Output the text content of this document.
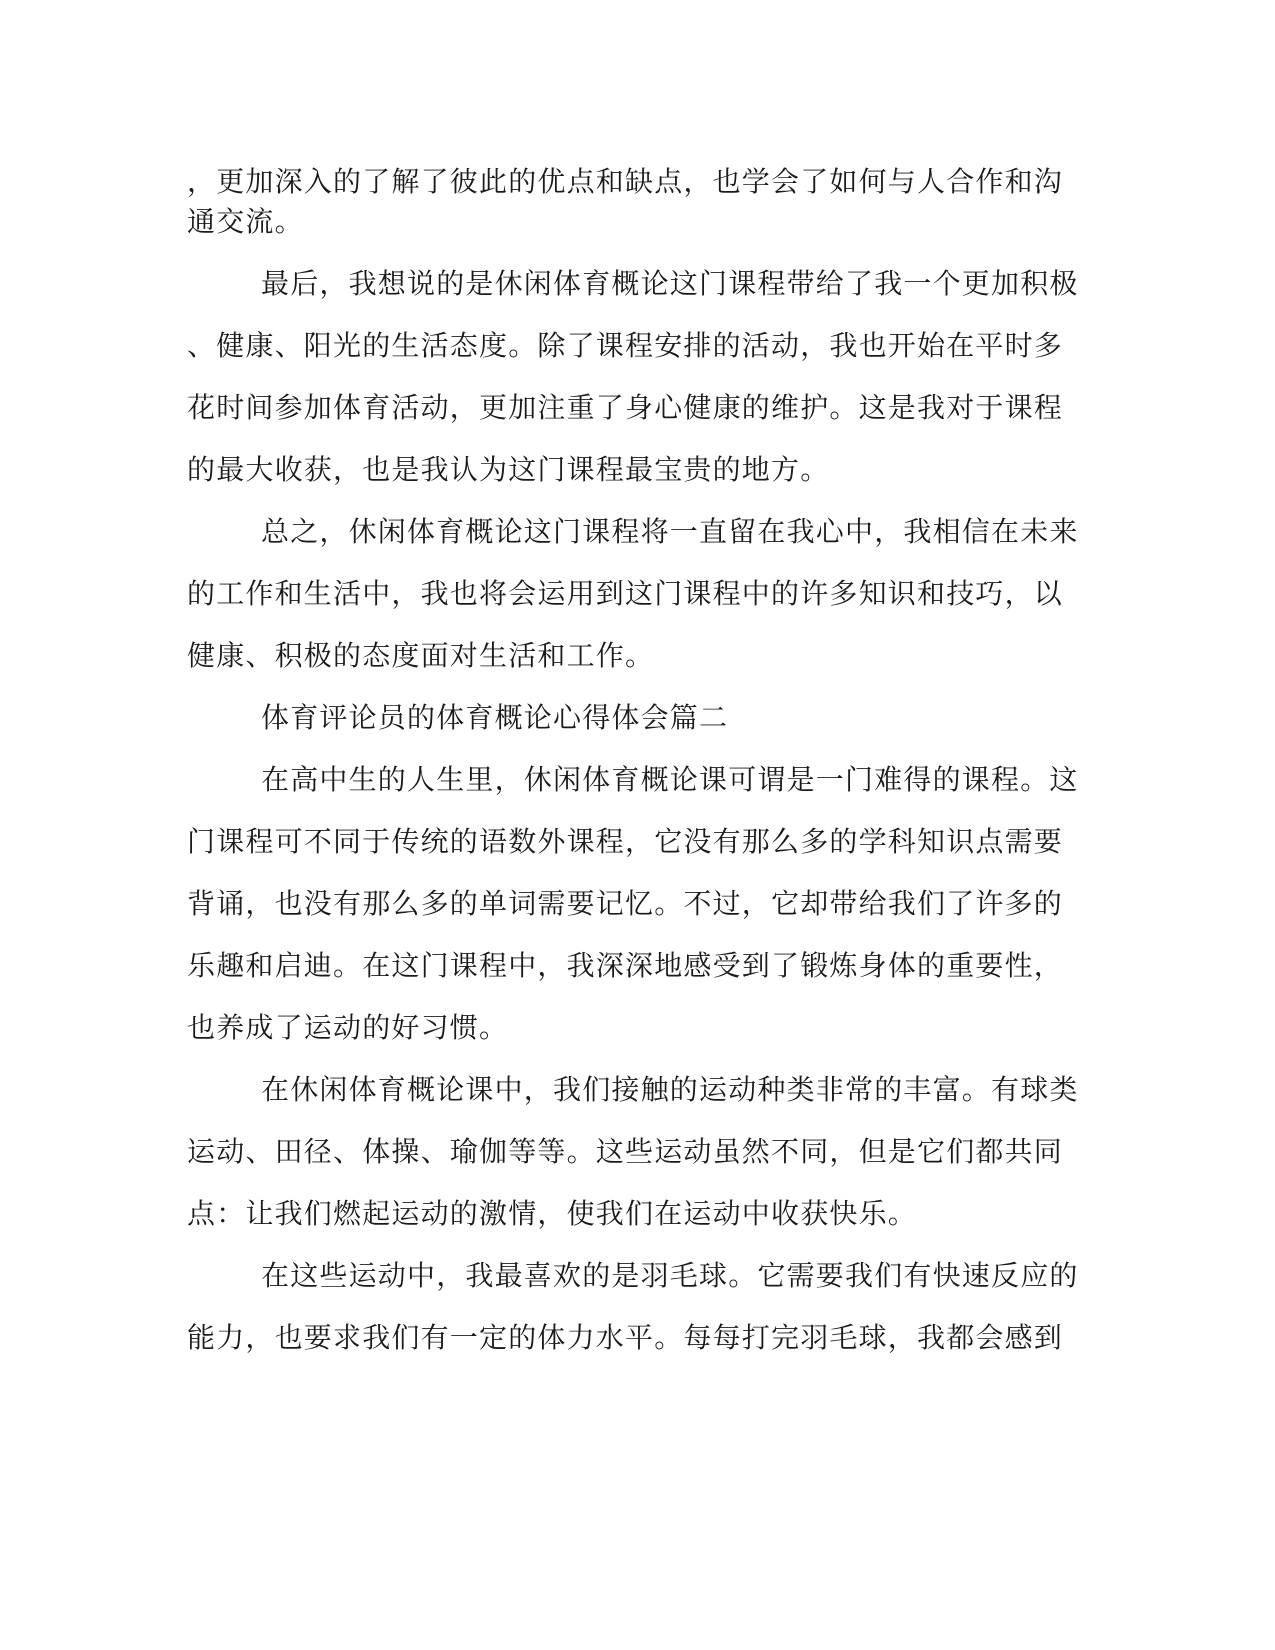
，更加深入的了解了彼此的优点和缺点，也学会了如何与人合作和沟
通交流。
最后，我想说的是休闲体育概论这门课程带给了我一个更加积极
、健康、阳光的生活态度。除了课程安排的活动，我也开始在平时多
花时间参加体育活动，更加注重了身心健康的维护。这是我对于课程
的最大收获，也是我认为这门课程最宝贵的地方。
总之，休闲体育概论这门课程将一直留在我心中，我相信在未来
的工作和生活中，我也将会运用到这门课程中的许多知识和技巧，以
健康、积极的态度面对生活和工作。
体育评论员的体育概论心得体会篇二
在高中生的人生里，休闲体育概论课可谓是一门难得的课程。这
门课程可不同于传统的语数外课程，它没有那么多的学科知识点需要
背诵，也没有那么多的单词需要记忆。不过，它却带给我们了许多的
乐趣和启迪。在这门课程中，我深深地感受到了锻炼身体的重要性，
也养成了运动的好习惯。
在休闲体育概论课中，我们接触的运动种类非常的丰富。有球类
运动、田径、体操、瑜伽等等。这些运动虽然不同，但是它们都共同
点：让我们燃起运动的激情，使我们在运动中收获快乐。
在这些运动中，我最喜欢的是羽毛球。它需要我们有快速反应的
能力，也要求我们有一定的体力水平。每每打完羽毛球，我都会感到
